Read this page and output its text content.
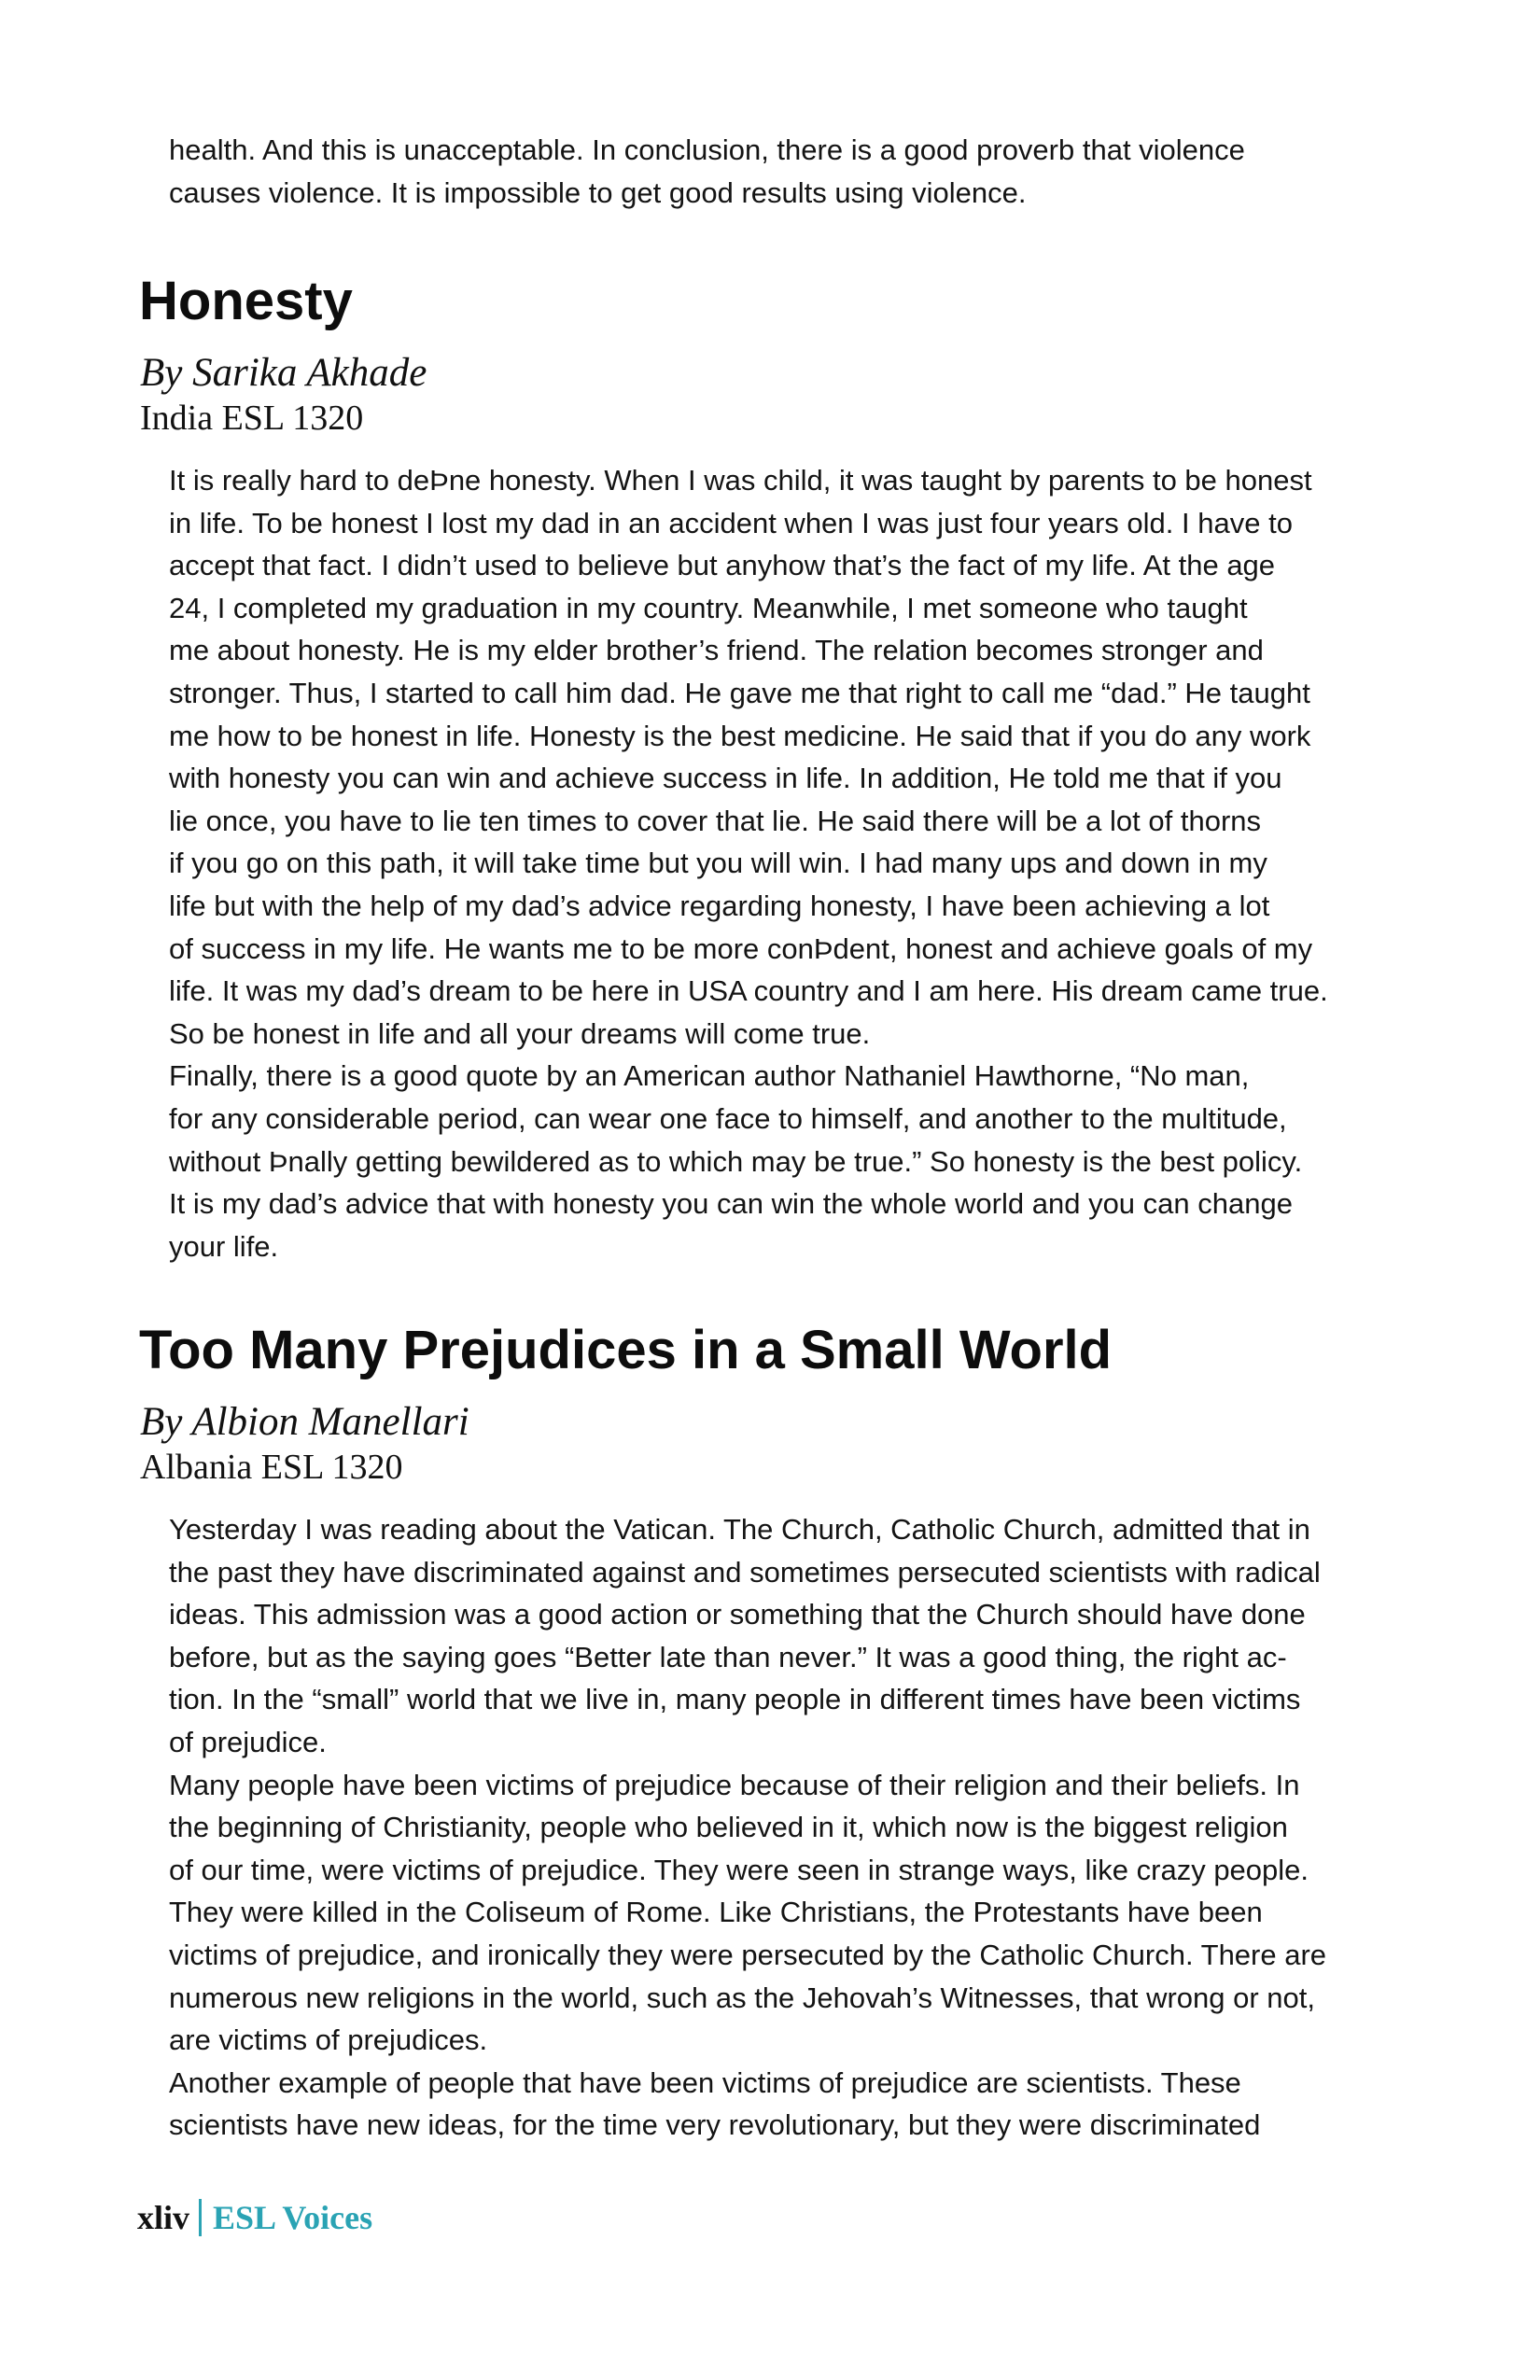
health. And this is unacceptable. In conclusion, there is a good proverb that violence
causes violence. It is impossible to get good results using violence.
Honesty
By Sarika Akhade
India ESL 1320
It is really hard to deÞne honesty. When I was child, it was taught by parents to be honest
in life. To be honest I lost my dad in an accident when I was just four years old. I have to
accept that fact. I didn’t used to believe but anyhow that’s the fact of my life. At the age
24, I completed my graduation in my country. Meanwhile, I met someone who taught
me about honesty. He is my elder brother’s friend. The relation becomes stronger and
stronger. Thus, I started to call him dad. He gave me that right to call me “dad.” He taught
me how to be honest in life. Honesty is the best medicine. He said that if you do any work
with honesty you can win and achieve success in life. In addition, He told me that if you
lie once, you have to lie ten times to cover that lie. He said there will be a lot of thorns
if you go on this path, it will take time but you will win. I had many ups and down in my
life but with the help of my dad’s advice regarding honesty, I have been achieving a lot
of success in my life. He wants me to be more conÞdent, honest and achieve goals of my
life. It was my dad’s dream to be here in USA country and I am here. His dream came true.
So be honest in life and all your dreams will come true.
Finally, there is a good quote by an American author Nathaniel Hawthorne, “No man,
for any considerable period, can wear one face to himself, and another to the multitude,
without Þnally getting bewildered as to which may be true.” So honesty is the best policy.
It is my dad’s advice that with honesty you can win the whole world and you can change
your life.
Too Many Prejudices in a Small World
By Albion Manellari
Albania ESL 1320
Yesterday I was reading about the Vatican. The Church, Catholic Church, admitted that in
the past they have discriminated against and sometimes persecuted scientists with radical
ideas. This admission was a good action or something that the Church should have done
before, but as the saying goes “Better late than never.” It was a good thing, the right ac-
tion. In the “small” world that we live in, many people in different times have been victims
of prejudice.
Many people have been victims of prejudice because of their religion and their beliefs. In
the beginning of Christianity, people who believed in it, which now is the biggest religion
of our time, were victims of prejudice. They were seen in strange ways, like crazy people.
They were killed in the Coliseum of Rome. Like Christians, the Protestants have been
victims of prejudice, and ironically they were persecuted by the Catholic Church. There are
numerous new religions in the world, such as the Jehovah’s Witnesses, that wrong or not,
are victims of prejudices.
Another example of people that have been victims of prejudice are scientists. These
scientists have new ideas, for the time very revolutionary, but they were discriminated
xliv ESL Voices
